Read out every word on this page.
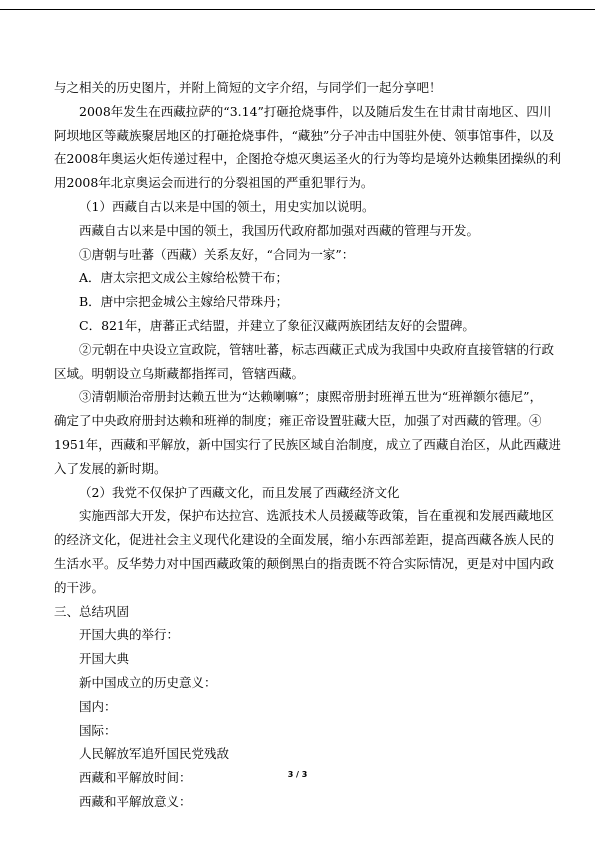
与之相关的历史图片，并附上简短的文字介绍，与同学们一起分享吧！
2008年发生在西藏拉萨的“3.14”打砸抢烧事件，以及随后发生在甘肃甘南地区、四川
阿坝地区等藏族聚居地区的打砸抢烧事件，“藏独”分子冲击中国驻外使、领事馆事件，以及
在2008年奥运火炬传递过程中，企图抢夺熄灭奥运圣火的行为等均是境外达赖集团操纵的利
用2008年北京奥运会而进行的分裂祖国的严重犯罪行为。
（1）西藏自古以来是中国的领土，用史实加以说明。
西藏自古以来是中国的领土，我国历代政府都加强对西藏的管理与开发。
①唐朝与吐蕃（西藏）关系友好，“合同为一家”：
A．唐太宗把文成公主嫁给松赞干布；
B．唐中宗把金城公主嫁给尺带珠丹；
C．821年，唐蕃正式结盟，并建立了象征汉藏两族团结友好的会盟碑。
②元朝在中央设立宣政院，管辖吐蕃，标志西藏正式成为我国中央政府直接管辖的行政
区域。明朝设立乌斯藏都指挥司，管辖西藏。
③清朝顺治帝册封达赖五世为“达赖喇嘛”；康熙帝册封班禅五世为“班禅额尔德尼”，
确定了中央政府册封达赖和班禅的制度；雍正帝设置驻藏大臣，加强了对西藏的管理。④
1951年，西藏和平解放，新中国实行了民族区域自治制度，成立了西藏自治区，从此西藏进
入了发展的新时期。
（2）我党不仅保护了西藏文化，而且发展了西藏经济文化
实施西部大开发，保护布达拉宫、选派技术人员援藏等政策，旨在重视和发展西藏地区
的经济文化，促进社会主义现代化建设的全面发展，缩小东西部差距，提高西藏各族人民的
生活水平。反华势力对中国西藏政策的颠倒黑白的指责既不符合实际情况，更是对中国内政
的干涉。
三、总结巩固
开国大典的举行：
开国大典
新中国成立的历史意义：
国内：
国际：
人民解放军追歼国民党残敌
西藏和平解放时间：
西藏和平解放意义：
3 / 3
